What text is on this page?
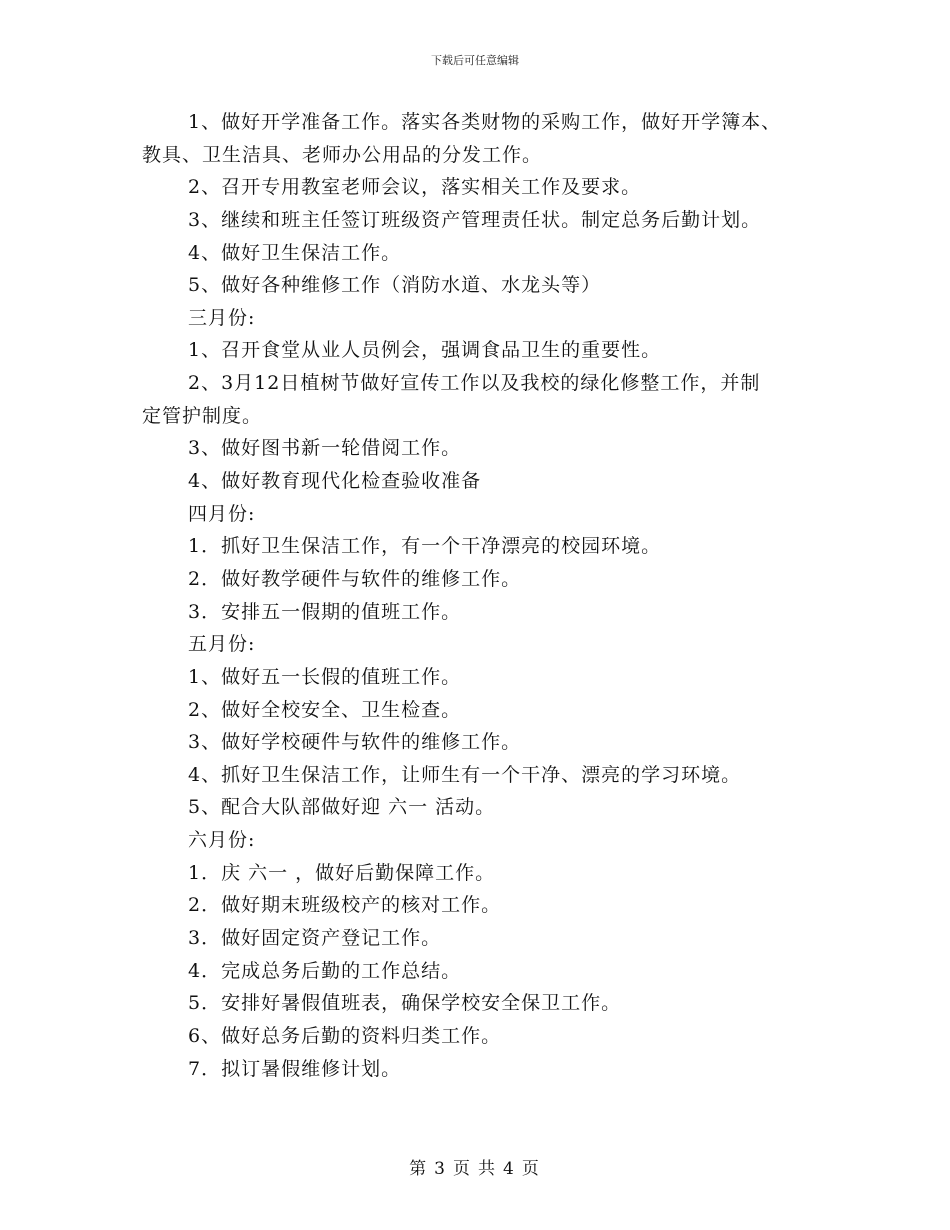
下载后可任意编辑
1、做好开学准备工作。落实各类财物的采购工作，做好开学簿本、
教具、卫生洁具、老师办公用品的分发工作。
2、召开专用教室老师会议，落实相关工作及要求。
3、继续和班主任签订班级资产管理责任状。制定总务后勤计划。
4、做好卫生保洁工作。
5、做好各种维修工作（消防水道、水龙头等）
三月份:
1、召开食堂从业人员例会，强调食品卫生的重要性。
2、3月12日植树节做好宣传工作以及我校的绿化修整工作，并制
定管护制度。
3、做好图书新一轮借阅工作。
4、做好教育现代化检查验收准备
四月份:
1．抓好卫生保洁工作，有一个干净漂亮的校园环境。
2．做好教学硬件与软件的维修工作。
3．安排五一假期的值班工作。
五月份:
1、做好五一长假的值班工作。
2、做好全校安全、卫生检查。
3、做好学校硬件与软件的维修工作。
4、抓好卫生保洁工作，让师生有一个干净、漂亮的学习环境。
5、配合大队部做好迎 六一 活动。
六月份:
1．庆 六一 ，做好后勤保障工作。
2．做好期末班级校产的核对工作。
3．做好固定资产登记工作。
4．完成总务后勤的工作总结。
5．安排好暑假值班表，确保学校安全保卫工作。
6、做好总务后勤的资料归类工作。
7．拟订暑假维修计划。
第 3 页 共 4 页
